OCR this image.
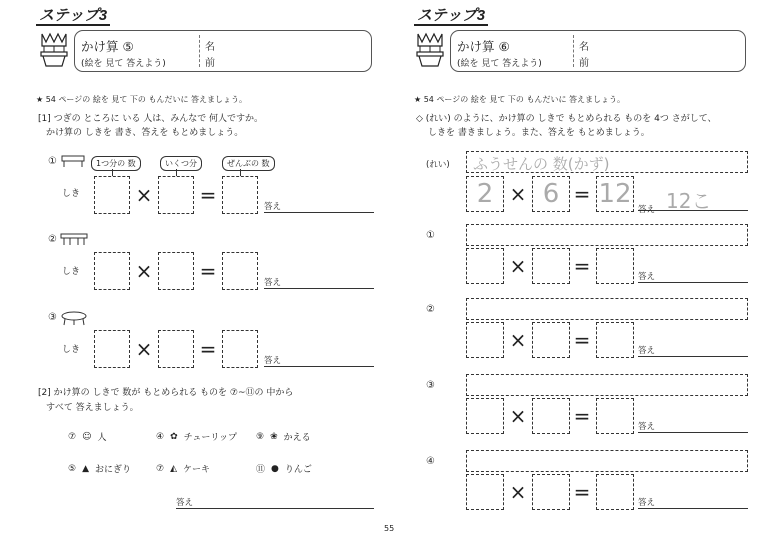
ステップ3
かけ算 ⑤
(絵を 見て 答えよう)
名
前
★ 54 ページの 絵を 見て 下の もんだいに 答えましょう。
[1] つぎの ところに いる 人は、みんなで 何人ですか。
かけ算の しきを 書き、答えを もとめましょう。
1つ分の 数	いくつ分	ぜんぶの 数
①
しき	× =	答え
②
しき	× =	答え
③
しき	× =	答え
[2] かけ算の しきで 数が もとめられる ものを ⑦~⑪の 中から
すべて 答えましょう。
⑦ ☺ 人	④ ✿ チューリップ ⑨ ❀ かえる
⑤ ▲ おにぎり	⑦ ◭ ケーキ	⑪ ● りんご
答え
55
ステップ3
かけ算 ⑥
(絵を 見て 答えよう)
名
前
★ 54 ページの 絵を 見て 下の もんだいに 答えましょう。
◇ (れい) のように、かけ算の しきで もとめられる ものを 4つ さがして、
しきを 書きましょう。また、答えを もとめましょう。
(れい) ふうせんの 数(かず)
2 × 6 = 12
答え 12こ
①
× =	答え
②
× =	答え
③
× =	答え
④
× =	答え
